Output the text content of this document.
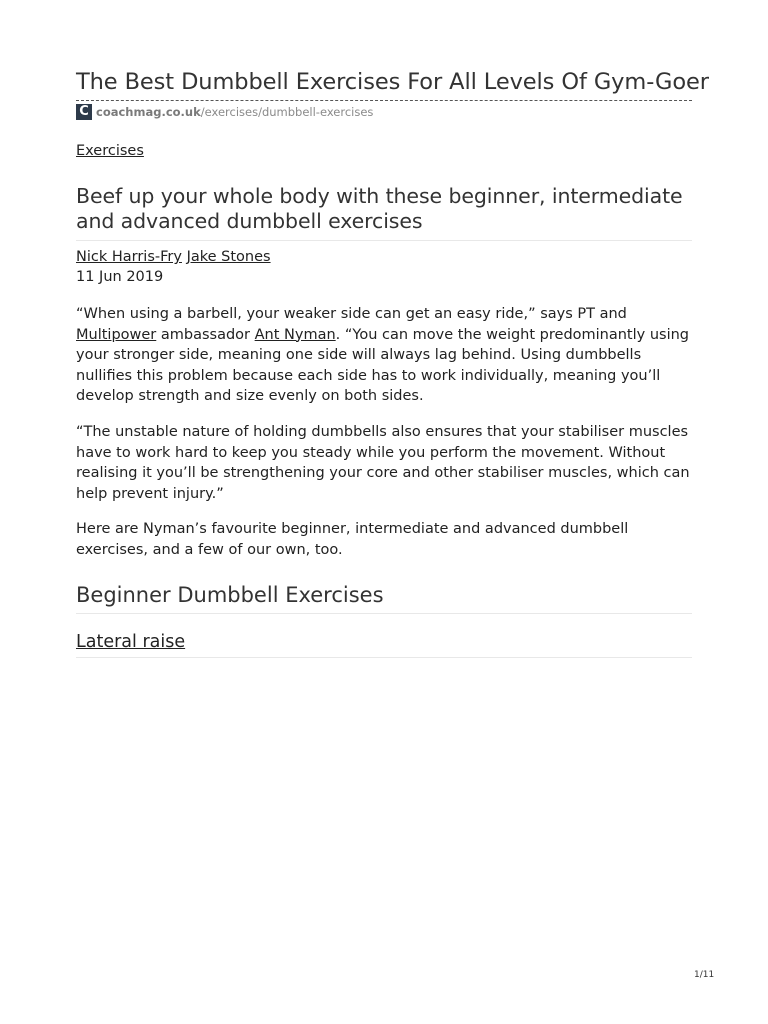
The Best Dumbbell Exercises For All Levels Of Gym-Goer
C coachmag.co.uk /exercises/dumbbell-exercises
Exercises
Beef up your whole body with these beginner, intermediate and advanced dumbbell exercises
Nick Harris-Fry Jake Stones
11 Jun 2019

“When using a barbell, your weaker side can get an easy ride,” says PT and Multipower ambassador Ant Nyman. “You can move the weight predominantly using your stronger side, meaning one side will always lag behind. Using dumbbells nullifies this problem because each side has to work individually, meaning you’ll develop strength and size evenly on both sides.

“The unstable nature of holding dumbbells also ensures that your stabiliser muscles have to work hard to keep you steady while you perform the movement. Without realising it you’ll be strengthening your core and other stabiliser muscles, which can help prevent injury.”

Here are Nyman’s favourite beginner, intermediate and advanced dumbbell exercises, and a few of our own, too.

Beginner Dumbbell Exercises
Lateral raise
1/11
